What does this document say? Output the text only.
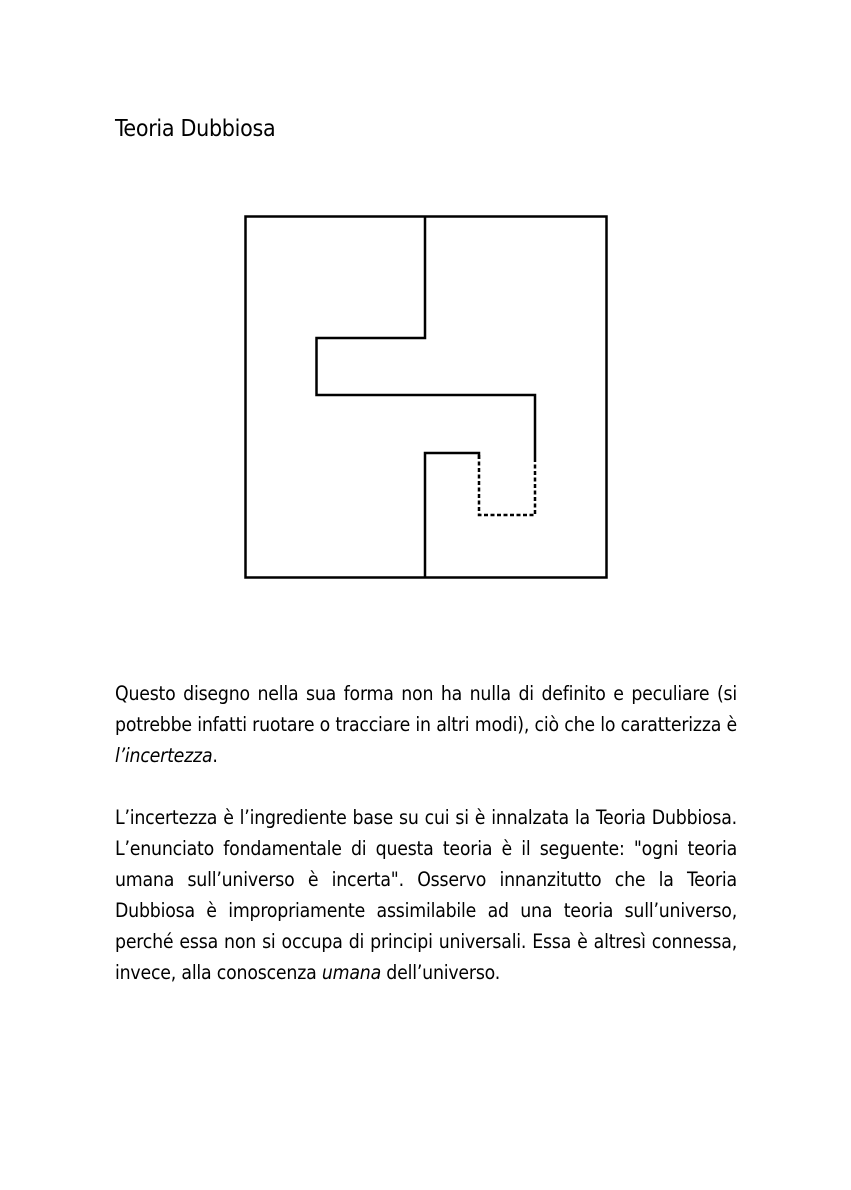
Teoria Dubbiosa
Questo disegno nella sua forma non ha nulla di definito e peculiare (si potrebbe infatti ruotare o tracciare in altri modi), ciò che lo caratterizza è l’incertezza.
L’incertezza è l’ingrediente base su cui si è innalzata la Teoria Dubbiosa. L’enunciato fondamentale di questa teoria è il seguente: "ogni teoria umana sull’universo è incerta". Osservo innanzitutto che la Teoria Dubbiosa è impropriamente assimilabile ad una teoria sull’universo, perché essa non si occupa di principi universali. Essa è altresì connessa, invece, alla conoscenza umana dell’universo.
